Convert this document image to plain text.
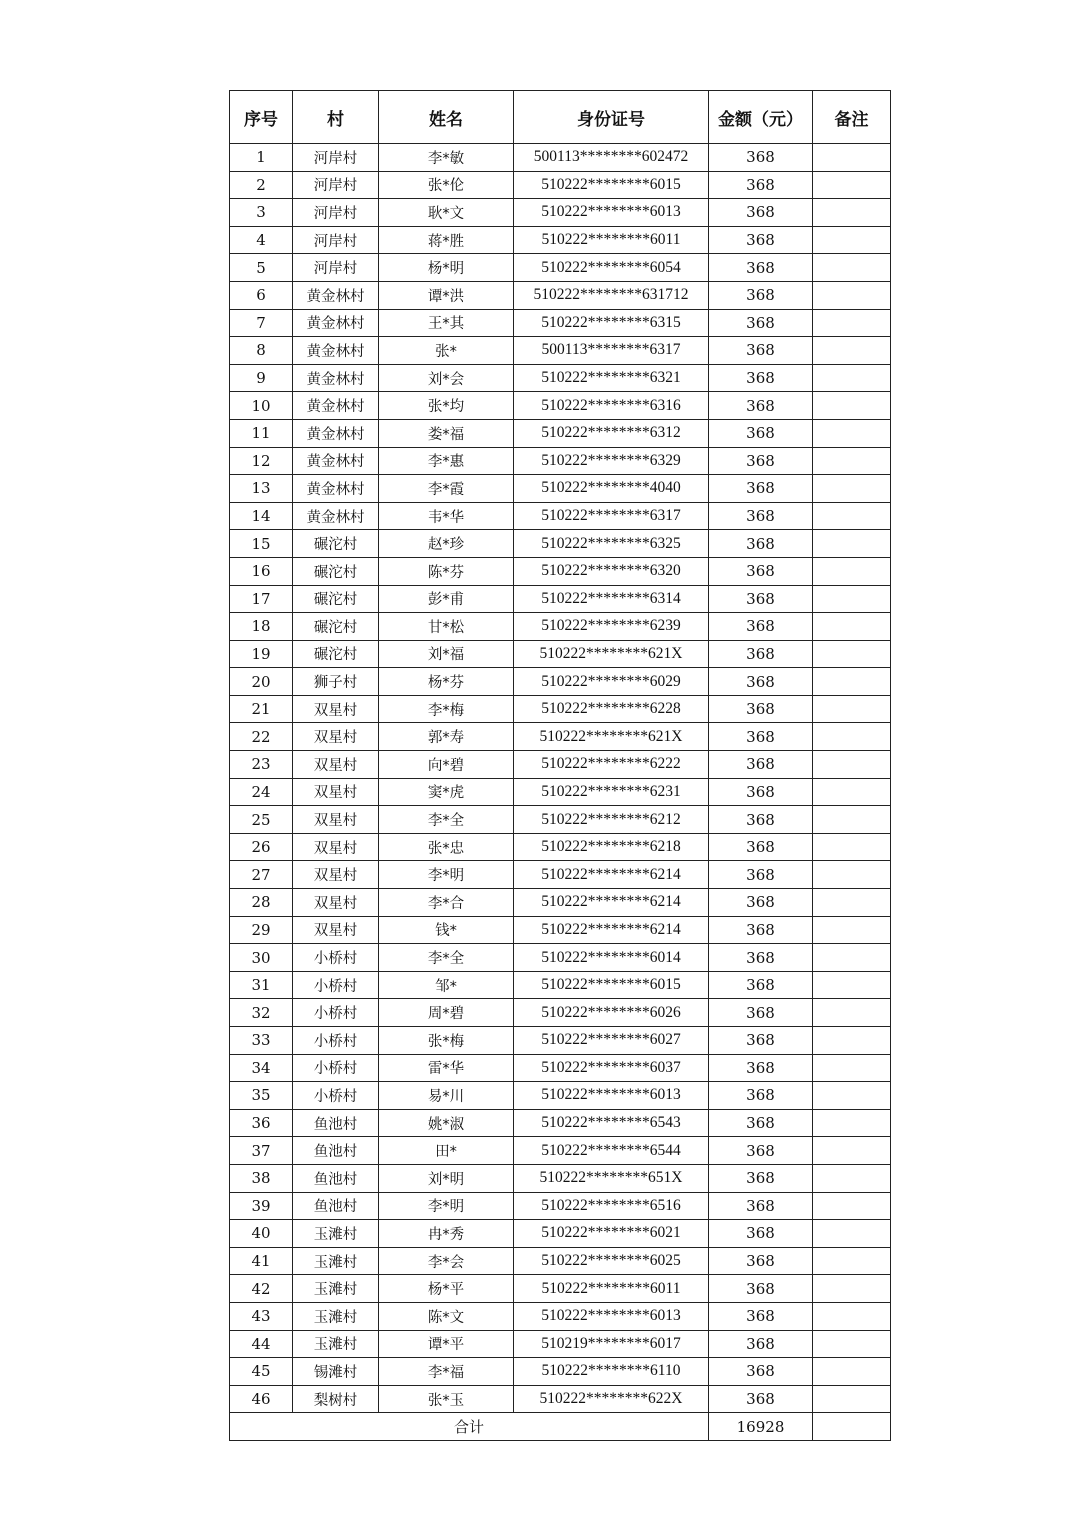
序号	村	姓名	身份证号	金额（元）	备注
1	河岸村	李*敏	500113********602472	368	
2	河岸村	张*伦	510222********6015	368	
3	河岸村	耿*文	510222********6013	368	
4	河岸村	蒋*胜	510222********6011	368	
5	河岸村	杨*明	510222********6054	368	
6	黄金林村	谭*洪	510222********631712	368	
7	黄金林村	王*其	510222********6315	368	
8	黄金林村	张*	500113********6317	368	
9	黄金林村	刘*会	510222********6321	368	
10	黄金林村	张*均	510222********6316	368	
11	黄金林村	娄*福	510222********6312	368	
12	黄金林村	李*惠	510222********6329	368	
13	黄金林村	李*霞	510222********4040	368	
14	黄金林村	韦*华	510222********6317	368	
15	碾沱村	赵*珍	510222********6325	368	
16	碾沱村	陈*芬	510222********6320	368	
17	碾沱村	彭*甫	510222********6314	368	
18	碾沱村	甘*松	510222********6239	368	
19	碾沱村	刘*福	510222********621X	368	
20	狮子村	杨*芬	510222********6029	368	
21	双星村	李*梅	510222********6228	368	
22	双星村	郭*寿	510222********621X	368	
23	双星村	向*碧	510222********6222	368	
24	双星村	窦*虎	510222********6231	368	
25	双星村	李*全	510222********6212	368	
26	双星村	张*忠	510222********6218	368	
27	双星村	李*明	510222********6214	368	
28	双星村	李*合	510222********6214	368	
29	双星村	钱*	510222********6214	368	
30	小桥村	李*全	510222********6014	368	
31	小桥村	邹*	510222********6015	368	
32	小桥村	周*碧	510222********6026	368	
33	小桥村	张*梅	510222********6027	368	
34	小桥村	雷*华	510222********6037	368	
35	小桥村	易*川	510222********6013	368	
36	鱼池村	姚*淑	510222********6543	368	
37	鱼池村	田*	510222********6544	368	
38	鱼池村	刘*明	510222********651X	368	
39	鱼池村	李*明	510222********6516	368	
40	玉滩村	冉*秀	510222********6021	368	
41	玉滩村	李*会	510222********6025	368	
42	玉滩村	杨*平	510222********6011	368	
43	玉滩村	陈*文	510222********6013	368	
44	玉滩村	谭*平	510219********6017	368	
45	锡滩村	李*福	510222********6110	368	
46	梨树村	张*玉	510222********622X	368	
合计				16928	
